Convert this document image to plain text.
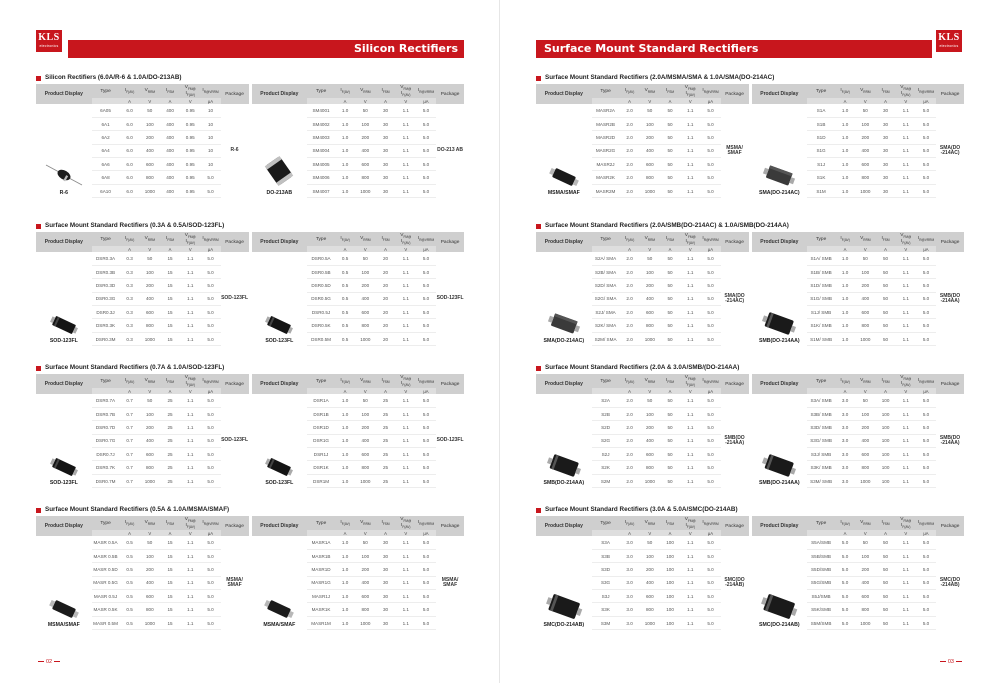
KLS
electronics	Silicon Rectifiers
Silicon Rectifiers (6.0A/R-6 & 1.0A/DO-213AB)
Product Display	Type	$I_{F(AV)}$	$V_{RRM}$	$I_{FSM}$	$V_{FM@}$
$I_{F(AV)}$	$I_{R@VRRM}$	Package
		A	V	A	V	μA	

R-6	6A05	6.0	50	400	0.95	10	R-6
	6A1	6.0	100	400	0.95	10	
	6A2	6.0	200	400	0.95	10	
	6A4	6.0	400	400	0.95	10	
	6A6	6.0	600	400	0.95	10	
	6A8	6.0	800	400	0.95	5.0	
	6A10	6.0	1000	400	0.95	5.0	
Product Display	Type	$I_{F(AV)}$	$V_{RRM}$	$I_{FSM}$	$V_{FM@}$
$I_{F(AV)}$	$I_{R@VRRM}$	Package
		A	V	A	V	μA	

DO-213AB	SM4001	1.0	50	30	1.1	5.0	DO-213 AB
	SM4002	1.0	100	30	1.1	5.0	
	SM4003	1.0	200	30	1.1	5.0	
	SM4004	1.0	400	30	1.1	5.0	
	SM4005	1.0	600	30	1.1	5.0	
	SM4006	1.0	800	30	1.1	5.0	
	SM4007	1.0	1000	30	1.1	5.0	
Surface Mount Standard Rectifiers (0.3A & 0.5A/SOD-123FL)
Product Display	Type	$I_{F(AV)}$	$V_{RRM}$	$I_{FSM}$	$V_{FM@}$
$I_{F(AV)}$	$I_{R@VRRM}$	Package
		A	V	A	V	μA	

SOD-123FL	DSR0.3A	0.3	50	15	1.1	5.0	SOD-123FL
	DSR0.3B	0.3	100	15	1.1	5.0	
	DSR0.3D	0.3	200	15	1.1	5.0	
	DSR0.3G	0.3	400	15	1.1	5.0	
	DSR0.3J	0.3	600	15	1.1	5.0	
	DSR0.3K	0.3	800	15	1.1	5.0	
	DSR0.3M	0.3	1000	15	1.1	5.0	
Product Display	Type	$I_{F(AV)}$	$V_{RRM}$	$I_{FSM}$	$V_{FM@}$
$I_{F(AV)}$	$I_{R@VRRM}$	Package
		A	V	A	V	μA	

SOD-123FL	DSR0.5A	0.5	50	20	1.1	5.0	SOD-123FL
	DSR0.5B	0.5	100	20	1.1	5.0	
	DSR0.5D	0.5	200	20	1.1	5.0	
	DSR0.5G	0.5	400	20	1.1	5.0	
	DSR0.5J	0.5	600	20	1.1	5.0	
	DSR0.5K	0.5	800	20	1.1	5.0	
	DSR0.5M	0.5	1000	20	1.1	5.0	
Surface Mount Standard Rectifiers (0.7A & 1.0A/SOD-123FL)
Product Display	Type	$I_{F(AV)}$	$V_{RRM}$	$I_{FSM}$	$V_{FM@}$
$I_{F(AV)}$	$I_{R@VRRM}$	Package
		A	V	A	V	μA	

SOD-123FL	DSR0.7A	0.7	50	25	1.1	5.0	SOD-123FL
	DSR0.7B	0.7	100	25	1.1	5.0	
	DSR0.7D	0.7	200	25	1.1	5.0	
	DSR0.7G	0.7	400	25	1.1	5.0	
	DSR0.7J	0.7	600	25	1.1	5.0	
	DSR0.7K	0.7	800	25	1.1	5.0	
	DSR0.7M	0.7	1000	25	1.1	5.0	
Product Display	Type	$I_{F(AV)}$	$V_{RRM}$	$I_{FSM}$	$V_{FM@}$
$I_{F(AV)}$	$I_{R@VRRM}$	Package
		A	V	A	V	μA	

SOD-123FL	DSR1A	1.0	50	25	1.1	5.0	SOD-123FL
	DSR1B	1.0	100	25	1.1	5.0	
	DSR1D	1.0	200	25	1.1	5.0	
	DSR1G	1.0	400	25	1.1	5.0	
	DSR1J	1.0	600	25	1.1	5.0	
	DSR1K	1.0	800	25	1.1	5.0	
	DSR1M	1.0	1000	25	1.1	5.0	
Surface Mount Standard Rectifiers (0.5A & 1.0A/MSMA/SMAF)
Product Display	Type	$I_{F(AV)}$	$V_{RRM}$	$I_{FSM}$	$V_{FM@}$
$I_{F(AV)}$	$I_{R@VRRM}$	Package
		A	V	A	V	μA	

MSMA/SMAF	MASR 0.5A	0.5	50	15	1.1	5.0	MSMA/ SMAF
	MASR 0.5B	0.5	100	15	1.1	5.0	
	MASR 0.5D	0.5	200	15	1.1	5.0	
	MASR 0.5G	0.5	400	15	1.1	5.0	
	MASR 0.5J	0.5	600	15	1.1	5.0	
	MASR 0.5K	0.5	800	15	1.1	5.0	
	MASR 0.5M	0.5	1000	15	1.1	5.0	
Product Display	Type	$I_{F(AV)}$	$V_{RRM}$	$I_{FSM}$	$V_{FM@}$
$I_{F(AV)}$	$I_{R@VRRM}$	Package
		A	V	A	V	μA	

MSMA/SMAF	MASR1A	1.0	50	30	1.1	5.0	MSMA/ SMAF
	MASR1B	1.0	100	30	1.1	5.0	
	MASR1D	1.0	200	30	1.1	5.0	
	MASR1G	1.0	400	30	1.1	5.0	
	MASR1J	1.0	600	30	1.1	5.0	
	MASR1K	1.0	800	30	1.1	5.0	
	MASR1M	1.0	1000	30	1.1	5.0	
02
KLS
electronics
Surface Mount Standard Rectifiers
Surface Mount Standard Rectifiers (2.0A/MSMA/SMA & 1.0A/SMA(DO-214AC)
Product Display	Type	$I_{F(AV)}$	$V_{RRM}$	$I_{FSM}$	$V_{FM@}$
$I_{F(AV)}$	$I_{R@VRRM}$	Package
		A	V	A	V	μA	

MSMA/SMAF	MASR2A	2.0	50	50	1.1	5.0	MSMA/ SMAF
	MASR2B	2.0	100	50	1.1	5.0	
	MASR2D	2.0	200	50	1.1	5.0	
	MASR2G	2.0	400	50	1.1	5.0	
	MASR2J	2.0	600	50	1.1	5.0	
	MASR2K	2.0	800	50	1.1	5.0	
	MASR2M	2.0	1000	50	1.1	5.0	
Product Display	Type	$I_{F(AV)}$	$V_{RRM}$	$I_{FSM}$	$V_{FM@}$
$I_{F(AV)}$	$I_{R@VRRM}$	Package
		A	V	A	V	μA	

SMA(DO-214AC)	S1A	1.0	50	30	1.1	5.0	SMA(DO -214AC)
	S1B	1.0	100	30	1.1	5.0	
	S1D	1.0	200	30	1.1	5.0	
	S1G	1.0	400	30	1.1	5.0	
	S1J	1.0	600	30	1.1	5.0	
	S1K	1.0	800	30	1.1	5.0	
	S1M	1.0	1000	30	1.1	5.0	
Surface Mount Standard Rectifiers (2.0A/SMB(DO-214AC) & 1.0A/SMB(DO-214AA)
Product Display	Type	$I_{F(AV)}$	$V_{RRM}$	$I_{FSM}$	$V_{FM@}$
$I_{F(AV)}$	$I_{R@VRRM}$	Package
		A	V	A	V	μA	

SMA(DO-214AC)	S2A/ SMA	2.0	50	50	1.1	5.0	SMA(DO -214AC)
	S2B/ SMA	2.0	100	50	1.1	5.0	
	S2D/ SMA	2.0	200	50	1.1	5.0	
	S2G/ SMA	2.0	400	50	1.1	5.0	
	S2J/ SMA	2.0	600	50	1.1	5.0	
	S2K/ SMA	2.0	800	50	1.1	5.0	
	S2M/ SMA	2.0	1000	50	1.1	5.0	
Product Display	Type	$I_{F(AV)}$	$V_{RRM}$	$I_{FSM}$	$V_{FM@}$
$I_{F(AV)}$	$I_{R@VRRM}$	Package
		A	V	A	V	μA	

SMB(DO-214AA)	S1A/ SMB	1.0	50	50	1.1	5.0	SMB(DO -214AA)
	S1B/ SMB	1.0	100	50	1.1	5.0	
	S1D/ SMB	1.0	200	50	1.1	5.0	
	S1G/ SMB	1.0	400	50	1.1	5.0	
	S1J/ SMB	1.0	600	50	1.1	5.0	
	S1K/ SMB	1.0	800	50	1.1	5.0	
	S1M/ SMB	1.0	1000	50	1.1	5.0	
Surface Mount Standard Rectifiers (2.0A & 3.0A/SMB/(DO-214AA)
Product Display	Type	$I_{F(AV)}$	$V_{RRM}$	$I_{FSM}$	$V_{FM@}$
$I_{F(AV)}$	$I_{R@VRRM}$	Package
		A	V	A	V	μA	

SMB(DO-214AA)	S2A	2.0	50	50	1.1	5.0	SMB(DO -214AA)
	S2B	2.0	100	50	1.1	5.0	
	S2D	2.0	200	50	1.1	5.0	
	S2G	2.0	400	50	1.1	5.0	
	S2J	2.0	600	50	1.1	5.0	
	S2K	2.0	800	50	1.1	5.0	
	S2M	2.0	1000	50	1.1	5.0	
Product Display	Type	$I_{F(AV)}$	$V_{RRM}$	$I_{FSM}$	$V_{FM@}$
$I_{F(AV)}$	$I_{R@VRRM}$	Package
		A	V	A	V	μA	

SMB(DO-214AA)	S3A/ SMB	3.0	50	100	1.1	5.0	SMB(DO -214AA)
	S3B/ SMB	3.0	100	100	1.1	5.0	
	S3D/ SMB	3.0	200	100	1.1	5.0	
	S3G/ SMB	3.0	400	100	1.1	5.0	
	S3J/ SMB	3.0	600	100	1.1	5.0	
	S3K/ SMB	3.0	800	100	1.1	5.0	
	S3M/ SMB	3.0	1000	100	1.1	5.0	
Surface Mount Standard Rectifiers (3.0A & 5.0A/SMC(DO-214AB)
Product Display	Type	$I_{F(AV)}$	$V_{RRM}$	$I_{FSM}$	$V_{FM@}$
$I_{F(AV)}$	$I_{R@VRRM}$	Package
		A	V	A	V	μA	

SMC(DO-214AB)	S3A	3.0	50	100	1.1	5.0	SMC(DO -214AB)
	S3B	3.0	100	100	1.1	5.0	
	S3D	3.0	200	100	1.1	5.0	
	S3G	3.0	400	100	1.1	5.0	
	S3J	3.0	600	100	1.1	5.0	
	S3K	3.0	800	100	1.1	5.0	
	S3M	3.0	1000	100	1.1	5.0	
Product Display	Type	$I_{F(AV)}$	$V_{RRM}$	$I_{FSM}$	$V_{FM@}$
$I_{F(AV)}$	$I_{R@VRRM}$	Package
		A	V	A	V	μA	

SMC(DO-214AB)	S5A/SMB	5.0	50	50	1.1	5.0	SMC(DO -214AB)
	S5B/SMB	5.0	100	50	1.1	5.0	
	S5D/SMB	5.0	200	50	1.1	5.0	
	S5G/SMB	5.0	400	50	1.1	5.0	
	S5J/SMB	5.0	600	50	1.1	5.0	
	S5K/SMB	5.0	800	50	1.1	5.0	
	S5M/SMB	5.0	1000	50	1.1	5.0	
03
